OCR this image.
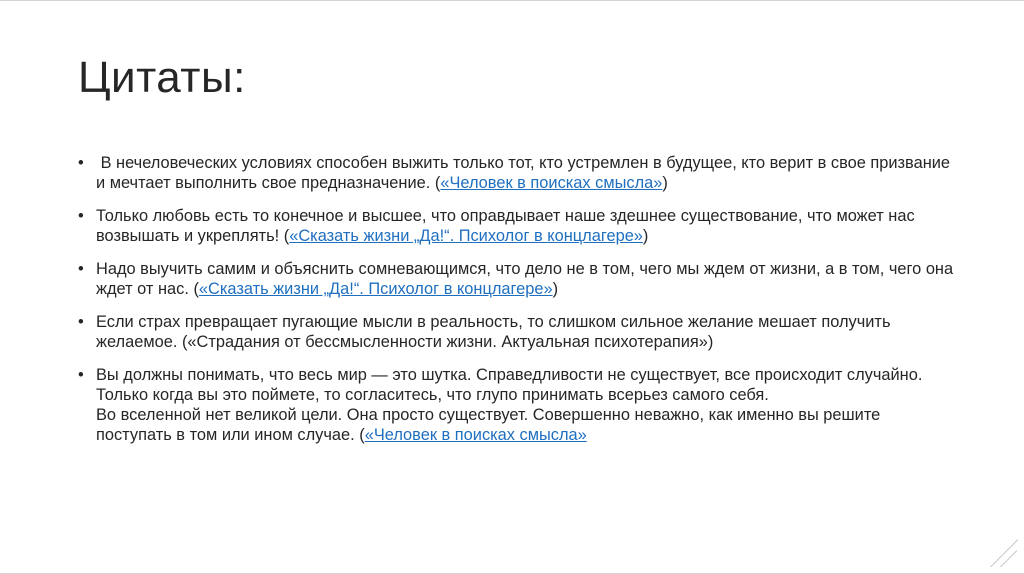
Цитаты:
•  В нечеловеческих условиях способен выжить только тот, кто устремлен в будущее, кто верит в свое призвание и мечтает выполнить свое предназначение. («Человек в поисках смысла»)
• Только любовь есть то конечное и высшее, что оправдывает наше здешнее существование, что может нас возвышать и укреплять! («Сказать жизни „Да!“. Психолог в концлагере»)
• Надо выучить самим и объяснить сомневающимся, что дело не в том, чего мы ждем от жизни, а в том, чего она ждет от нас. («Сказать жизни „Да!“. Психолог в концлагере»)
• Если страх превращает пугающие мысли в реальность, то слишком сильное желание мешает получить желаемое. («Страдания от бессмысленности жизни. Актуальная психотерапия»)
• Вы должны понимать, что весь мир — это шутка. Справедливости не существует, все происходит случайно. Только когда вы это поймете, то согласитесь, что глупо принимать всерьез самого себя.
Во вселенной нет великой цели. Она просто существует. Совершенно неважно, как именно вы решите поступать в том или ином случае. («Человек в поисках смысла»
